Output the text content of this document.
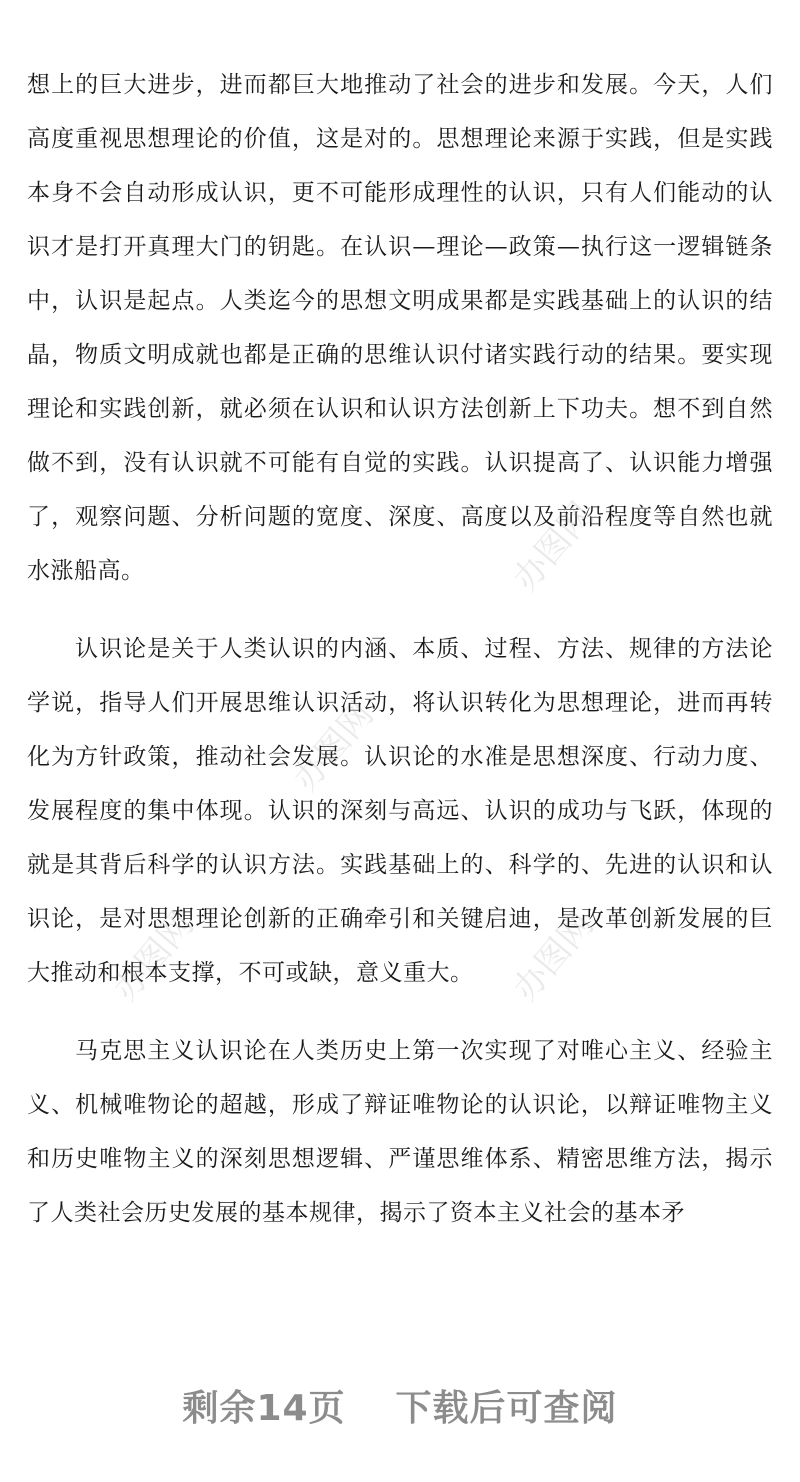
想上的巨大进步，进而都巨大地推动了社会的进步和发展。今天，人们高度重视思想理论的价值，这是对的。思想理论来源于实践，但是实践本身不会自动形成认识，更不可能形成理性的认识，只有人们能动的认识才是打开真理大门的钥匙。在认识—理论—政策—执行这一逻辑链条中，认识是起点。人类迄今的思想文明成果都是实践基础上的认识的结晶，物质文明成就也都是正确的思维认识付诸实践行动的结果。要实现理论和实践创新，就必须在认识和认识方法创新上下功夫。想不到自然做不到，没有认识就不可能有自觉的实践。认识提高了、认识能力增强了，观察问题、分析问题的宽度、深度、高度以及前沿程度等自然也就水涨船高。

认识论是关于人类认识的内涵、本质、过程、方法、规律的方法论学说，指导人们开展思维认识活动，将认识转化为思想理论，进而再转化为方针政策，推动社会发展。认识论的水准是思想深度、行动力度、发展程度的集中体现。认识的深刻与高远、认识的成功与飞跃，体现的就是其背后科学的认识方法。实践基础上的、科学的、先进的认识和认识论，是对思想理论创新的正确牵引和关键启迪，是改革创新发展的巨大推动和根本支撑，不可或缺，意义重大。

马克思主义认识论在人类历史上第一次实现了对唯心主义、经验主义、机械唯物论的超越，形成了辩证唯物论的认识论，以辩证唯物主义和历史唯物主义的深刻思想逻辑、严谨思维体系、精密思维方法，揭示了人类社会历史发展的基本规律，揭示了资本主义社会的基本矛

办图网
办图网
办图网
办图网
剩余14页 下载后可查阅
